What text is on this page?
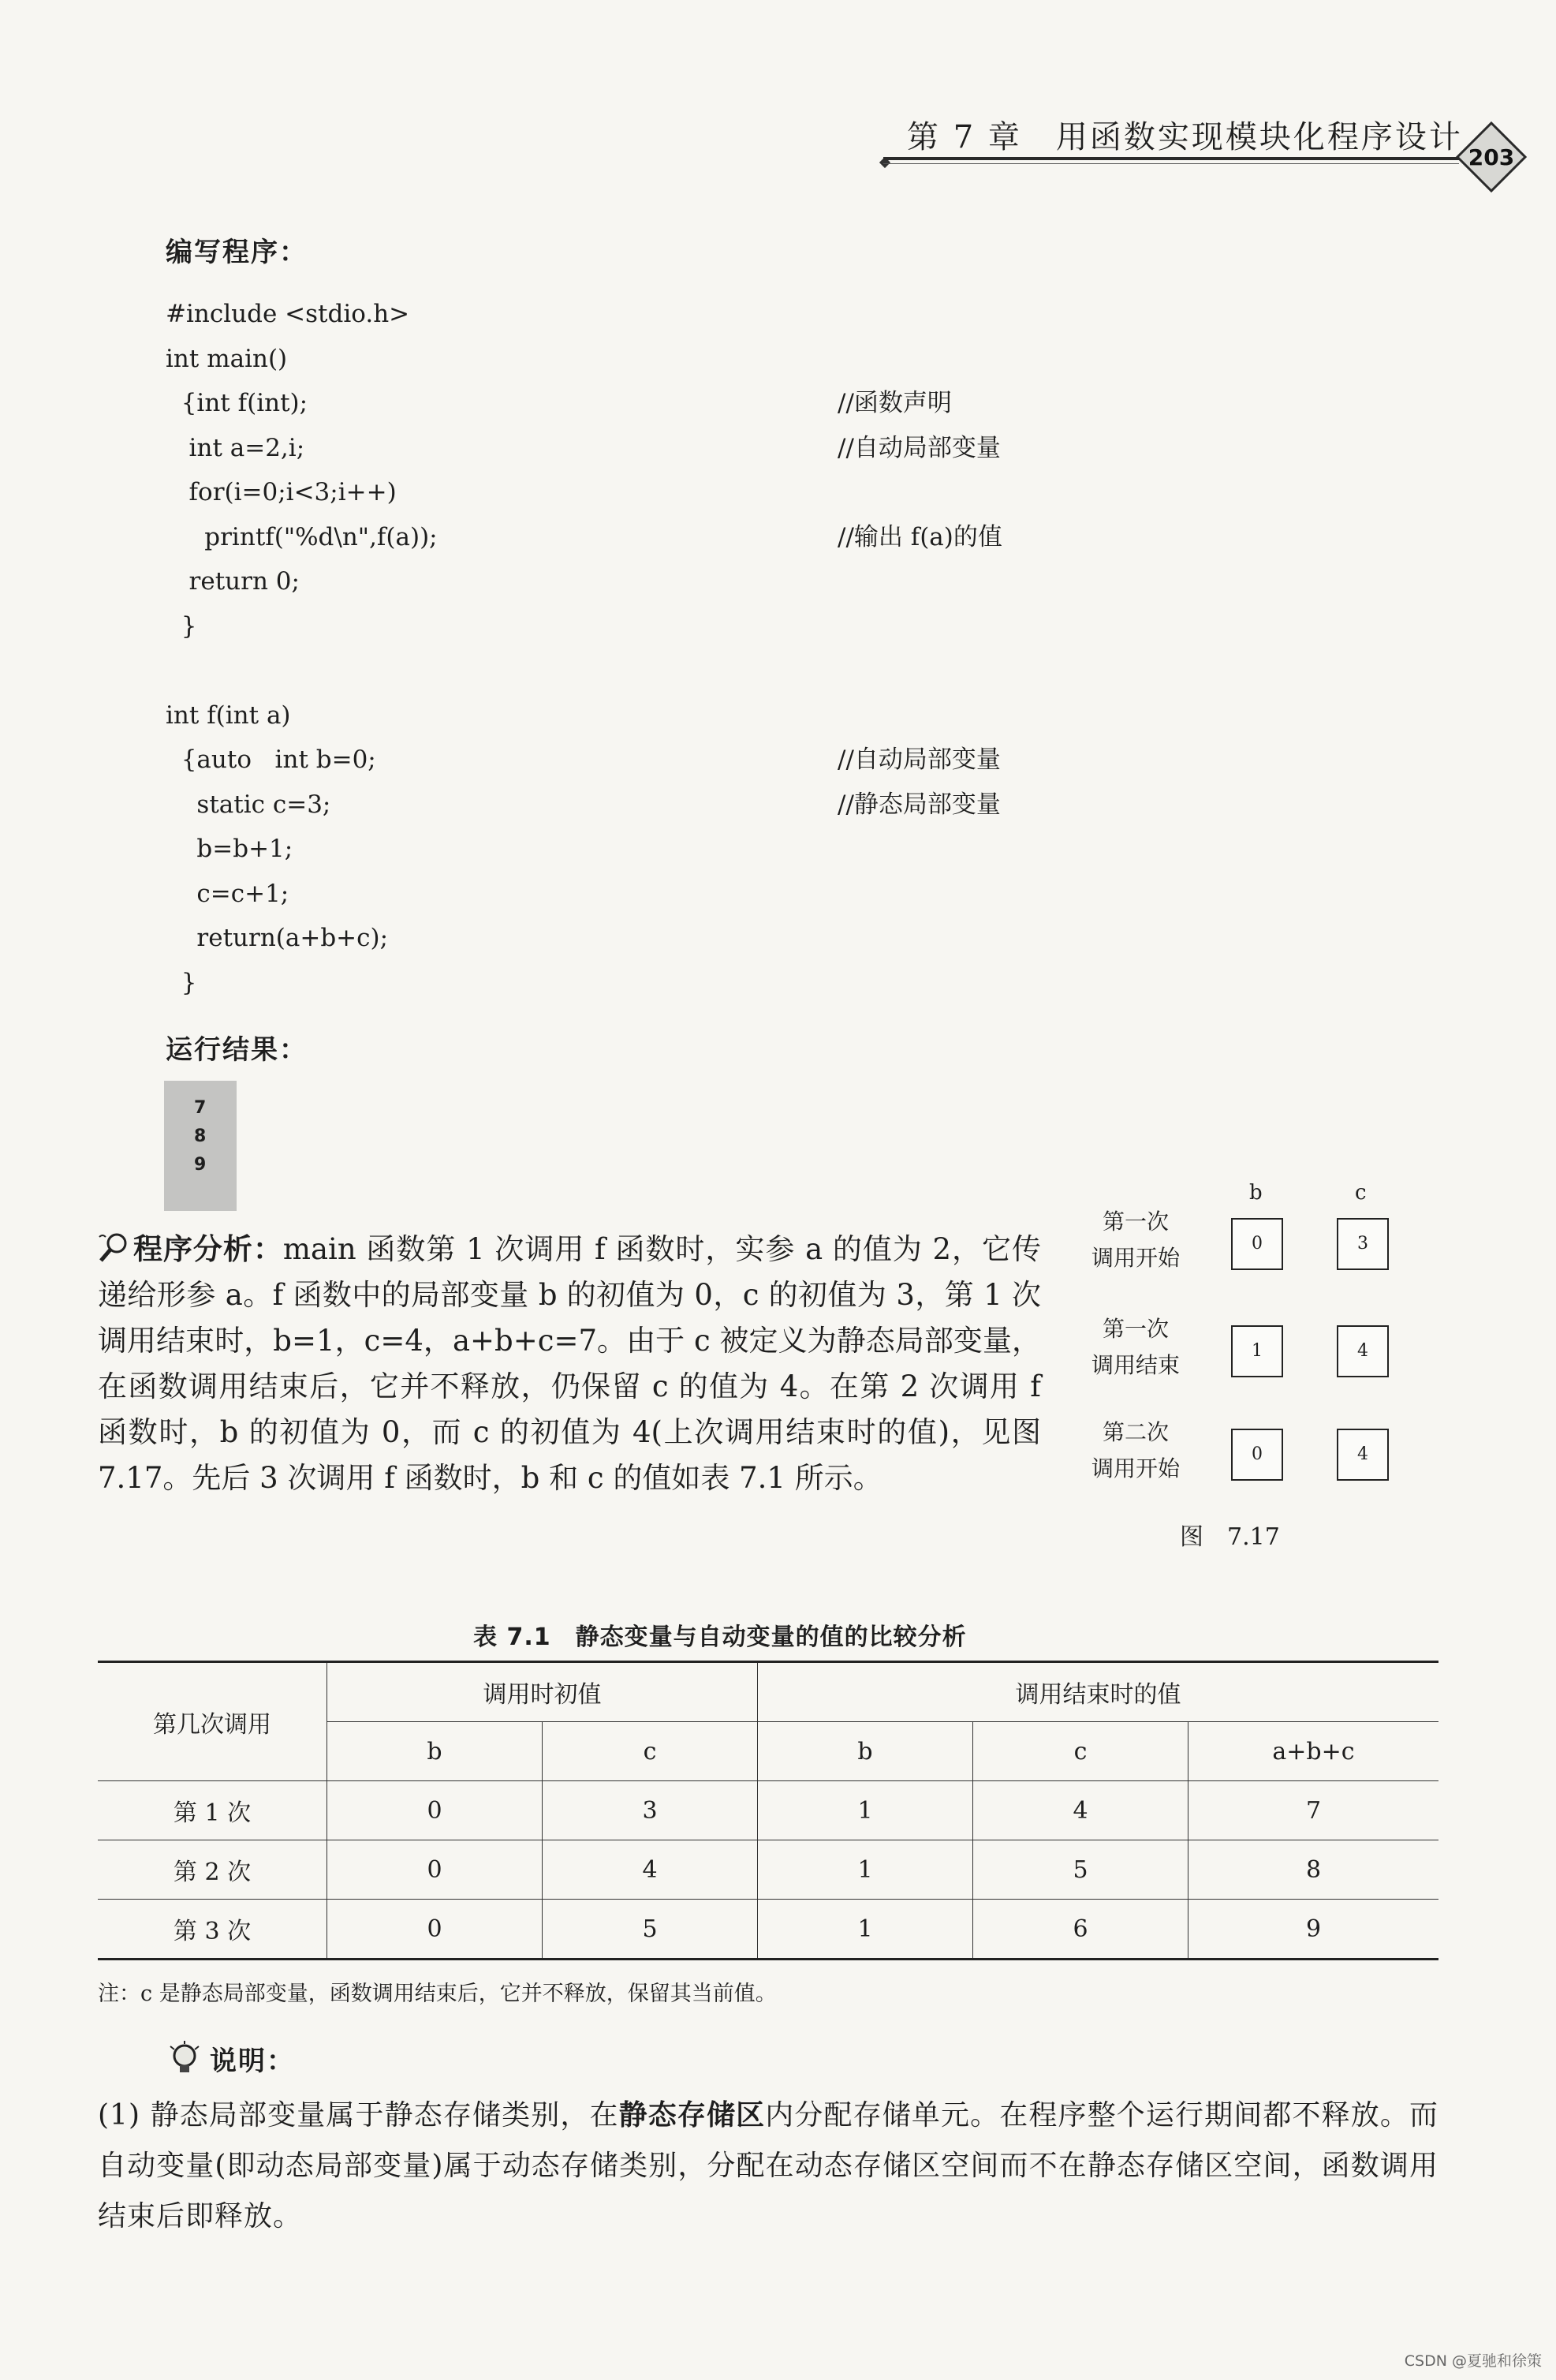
第 7 章　用函数实现模块化程序设计
203
编写程序：
#include <stdio.h>
int main()
{int f(int);	//函数声明
int a=2,i;	//自动局部变量
for(i=0;i<3;i++)
printf("%d\n",f(a));	//输出 f(a)的值
return 0;
}
int f(int a)
{auto   int b=0;	//自动局部变量
static c=3;	//静态局部变量
b=b+1;
c=c+1;
return(a+b+c);
}
运行结果：
7
8
9
程序分析：main 函数第 1 次调用 f 函数时，实参 a 的值为 2，它传递给形参 a。f 函数中的局部变量 b 的初值为 0，c 的初值为 3，第 1 次调用结束时，b=1，c=4，a+b+c=7。由于 c 被定义为静态局部变量，在函数调用结束后，它并不释放，仍保留 c 的值为 4。在第 2 次调用 f 函数时，b 的初值为 0，而 c 的初值为 4(上次调用结束时的值)，见图 7.17。先后 3 次调用 f 函数时，b 和 c 的值如表 7.1 所示。
b	c
第一次
调用开始
0	3
第一次
调用结束
1	4
第二次
调用开始
0	4
图　7.17
表 7.1　静态变量与自动变量的值的比较分析
第几次调用	调用时初值		调用结束时的值		
	b	c	b	c	a+b+c
第 1 次	0	3	1	4	7
第 2 次	0	4	1	5	8
第 3 次	0	5	1	6	9
注：c 是静态局部变量，函数调用结束后，它并不释放，保留其当前值。
说明：
(1) 静态局部变量属于静态存储类别，在静态存储区内分配存储单元。在程序整个运行期间都不释放。而自动变量(即动态局部变量)属于动态存储类别，分配在动态存储区空间而不在静态存储区空间，函数调用结束后即释放。
CSDN @夏驰和徐策
